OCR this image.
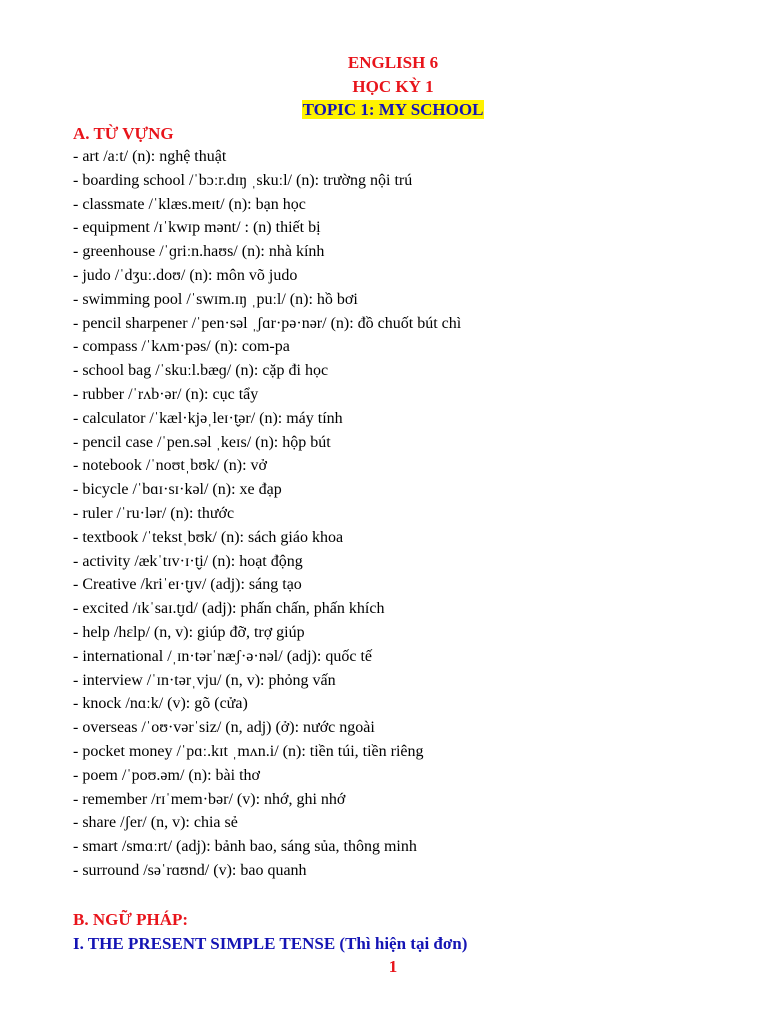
ENGLISH 6
HỌC KỲ 1
TOPIC 1: MY SCHOOL
A. TỪ VỰNG
- art /aːt/ (n): nghệ thuật
- boarding school /ˈbɔːr.dɪŋ ˌskuːl/ (n): trường nội trú
- classmate /ˈklæs.meɪt/ (n): bạn học
- equipment /ɪˈkwɪp mənt/ : (n) thiết bị
- greenhouse /ˈɡriːn.haʊs/ (n): nhà kính
- judo /ˈdʒuː.doʊ/ (n): môn võ judo
- swimming pool /ˈswɪm.ɪŋ ˌpuːl/ (n): hồ bơi
- pencil sharpener /ˈpen·səl ˌʃɑr·pə·nər/ (n): đồ chuốt bút chì
- compass /ˈkʌm·pəs/ (n): com-pa
- school bag /ˈskuːl.bæɡ/ (n): cặp đi học
- rubber /ˈrʌb·ər/ (n): cục tẩy
- calculator /ˈkæl·kjəˌleɪ·t̬ər/ (n): máy tính
- pencil case /ˈpen.səl ˌkeɪs/ (n): hộp bút
- notebook /ˈnoʊtˌbʊk/ (n): vở
- bicycle /ˈbɑɪ·sɪ·kəl/ (n): xe đạp
- ruler /ˈru·lər/ (n): thước
- textbook /ˈtekstˌbʊk/ (n): sách giáo khoa
- activity /ækˈtɪv·ɪ·t̬i/ (n): hoạt động
- Creative /kriˈeɪ·t̬ɪv/ (adj): sáng tạo
- excited /ɪkˈsaɪ.t̬ɪd/ (adj): phấn chấn, phấn khích
- help /hɛlp/ (n, v): giúp đỡ, trợ giúp
- international /ˌɪn·tərˈnæʃ·ə·nəl/ (adj): quốc tế
- interview /ˈɪn·tərˌvju/ (n, v): phỏng vấn
- knock /nɑːk/ (v): gõ (cửa)
- overseas /ˈoʊ·vərˈsiz/ (n, adj) (ở): nước ngoài
- pocket money /ˈpɑː.kɪt ˌmʌn.i/ (n): tiền túi, tiền riêng
- poem /ˈpoʊ.əm/ (n): bài thơ
- remember /rɪˈmem·bər/ (v): nhớ, ghi nhớ
- share /ʃer/ (n, v): chia sẻ
- smart /smɑːrt/ (adj): bảnh bao, sáng sủa, thông minh
- surround /səˈrɑʊnd/ (v): bao quanh
B. NGỮ PHÁP:
I. THE PRESENT SIMPLE TENSE (Thì hiện tại đơn)
1
